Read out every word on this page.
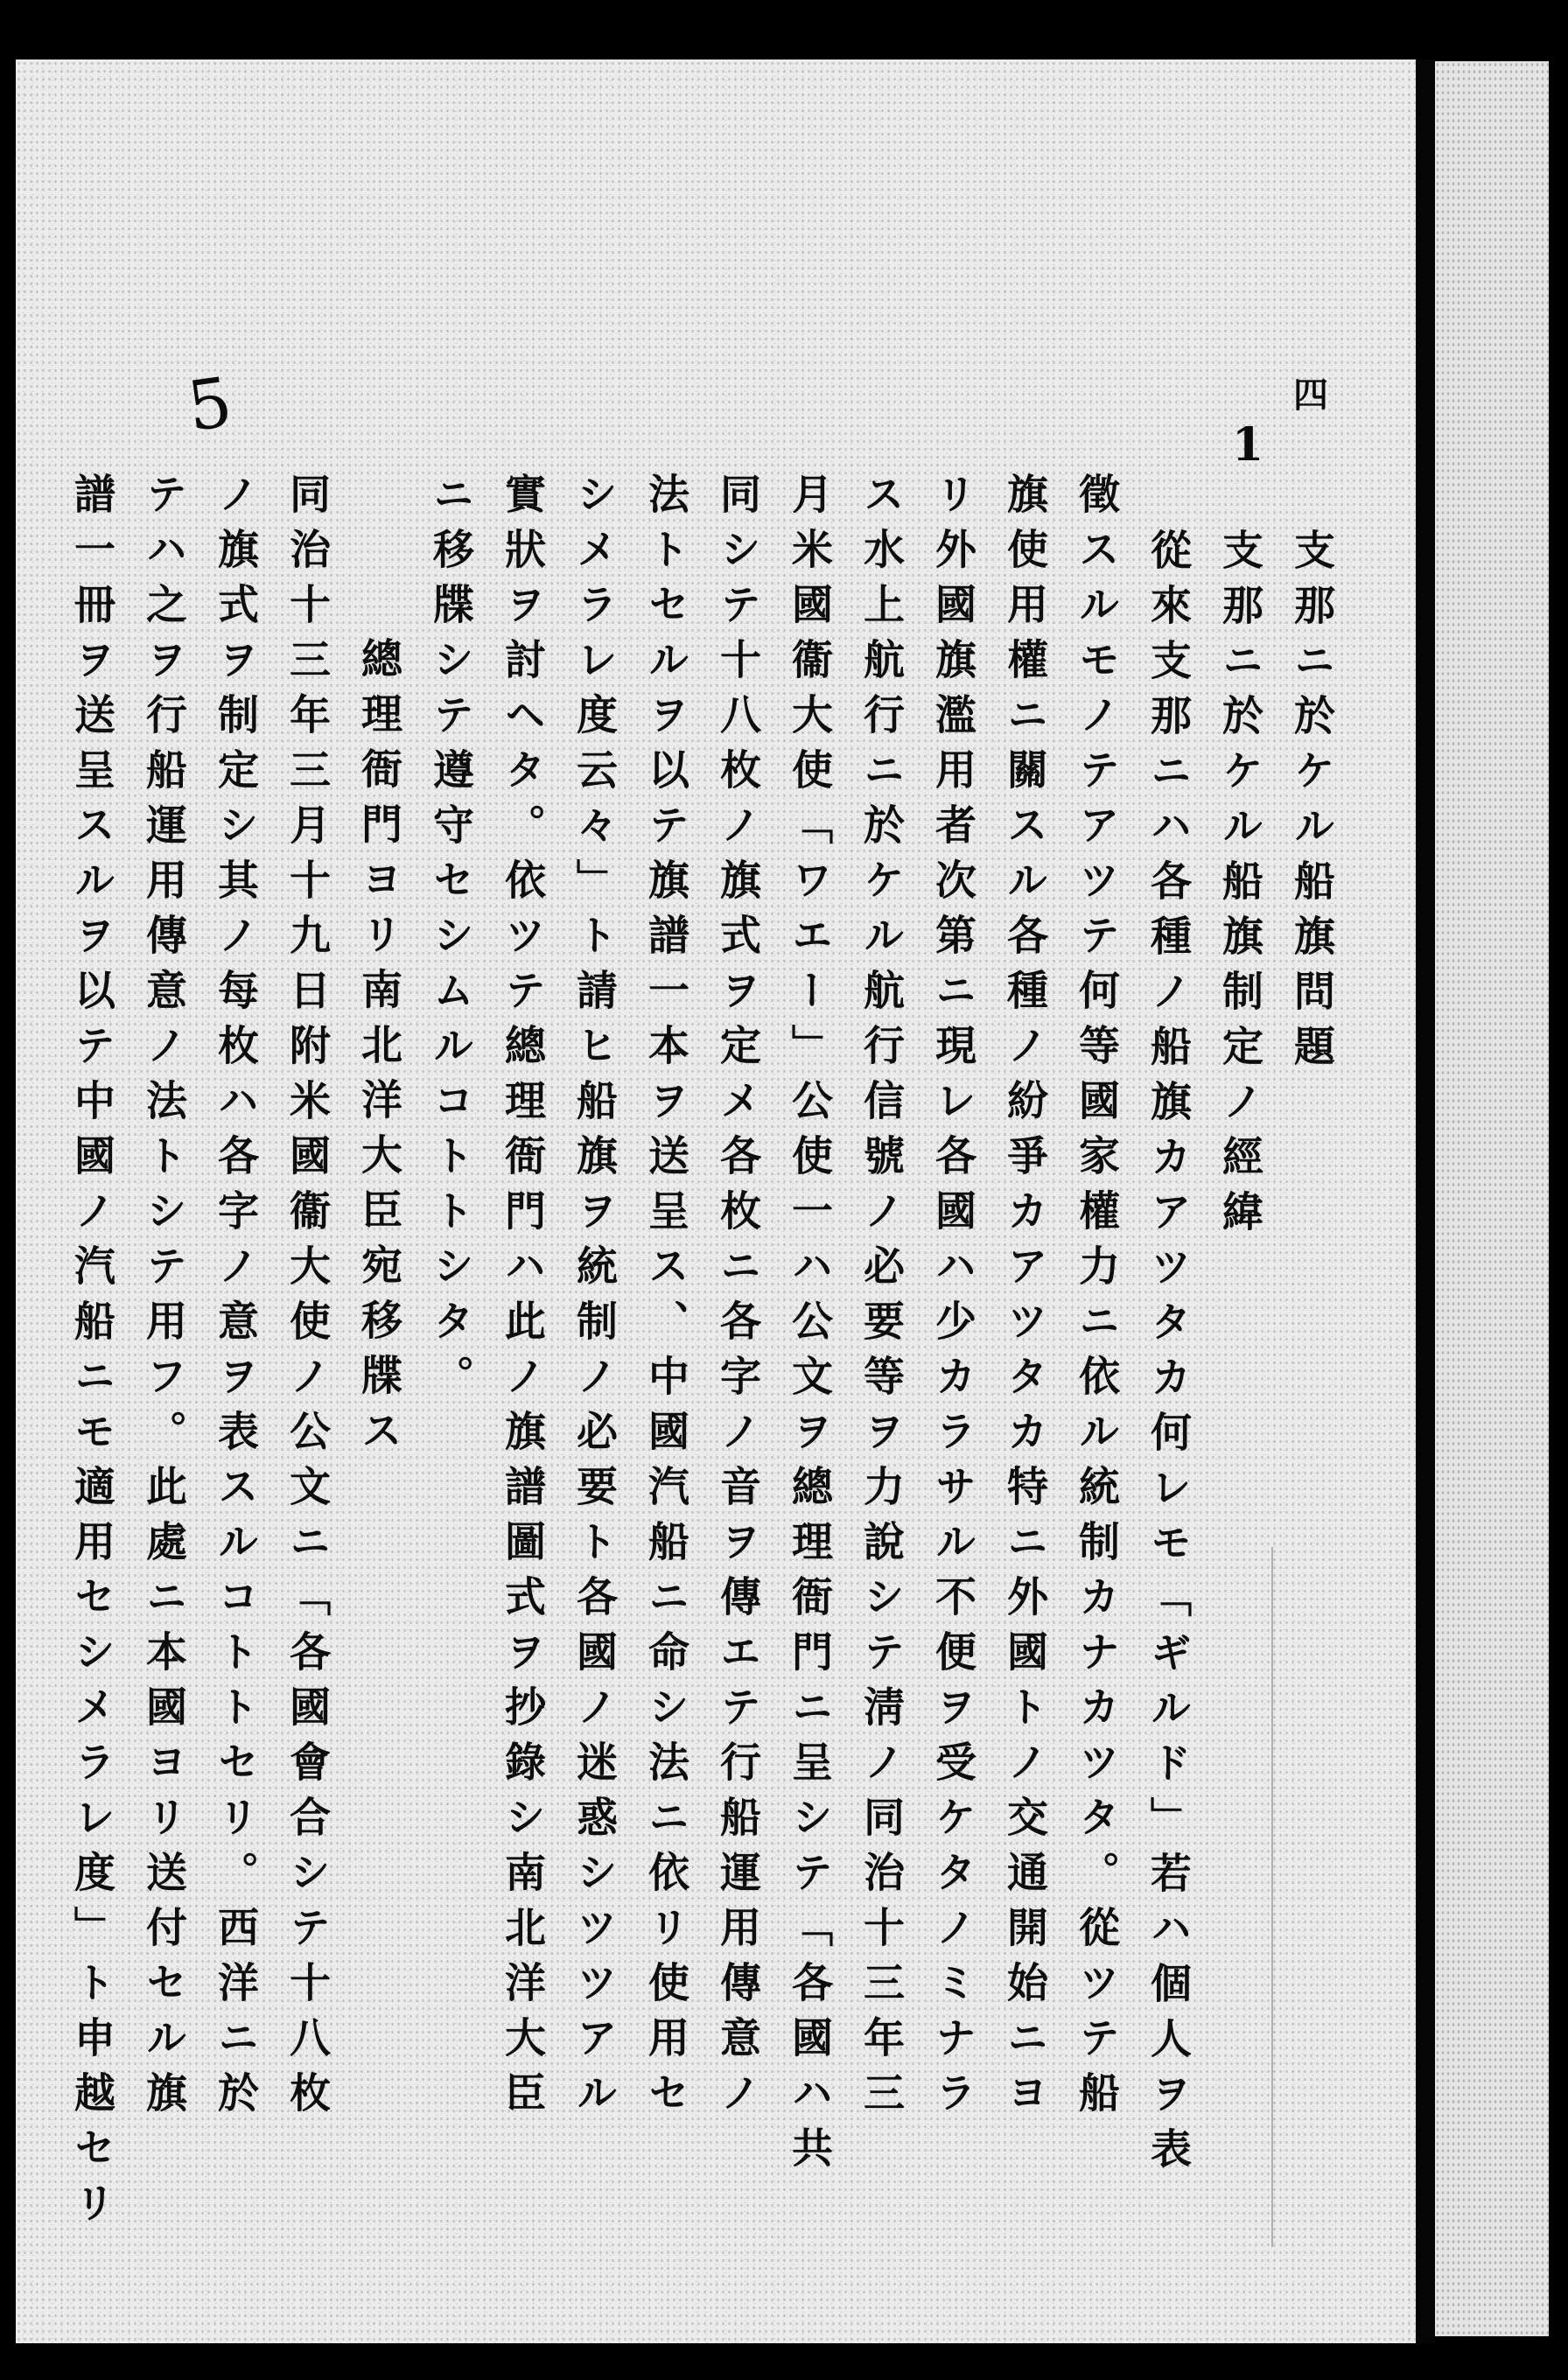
四
1
5
支那ニ於ケル船旗問題
支那ニ於ケル船旗制定ノ經緯
從來支那ニハ各種ノ船旗カアツタカ何レモ「ギルド」若ハ個人ヲ表
徵スルモノテアツテ何等國家權力ニ依ル統制カナカツタ。從ツテ船
旗使用權ニ關スル各種ノ紛爭カアツタカ特ニ外國トノ交通開始ニヨ
リ外國旗濫用者次第ニ現レ各國ハ少カラサル不便ヲ受ケタノミナラ
ス水上航行ニ於ケル航行信號ノ必要等ヲ力說シテ淸ノ同治十三年三
月米國衞大使「ワエー」公使一ハ公文ヲ總理衙門ニ呈シテ「各國ハ共
同シテ十八枚ノ旗式ヲ定メ各枚ニ各字ノ音ヲ傳エテ行船運用傳意ノ
法トセルヲ以テ旗譜一本ヲ送呈ス、中國汽船ニ命シ法ニ依リ使用セ
シメラレ度云々」ト請ヒ船旗ヲ統制ノ必要ト各國ノ迷惑シツツアル
實狀ヲ討ヘタ。依ツテ總理衙門ハ此ノ旗譜圖式ヲ抄錄シ南北洋大臣
ニ移牒シテ遵守セシムルコトトシタ。
總理衙門ヨリ南北洋大臣宛移牒ス
同治十三年三月十九日附米國衞大使ノ公文ニ「各國會合シテ十八枚
ノ旗式ヲ制定シ其ノ每枚ハ各字ノ意ヲ表スルコトトセリ。西洋ニ於
テハ之ヲ行船運用傳意ノ法トシテ用フ。此處ニ本國ヨリ送付セル旗
譜一冊ヲ送呈スルヲ以テ中國ノ汽船ニモ適用セシメラレ度」ト申越セリ
